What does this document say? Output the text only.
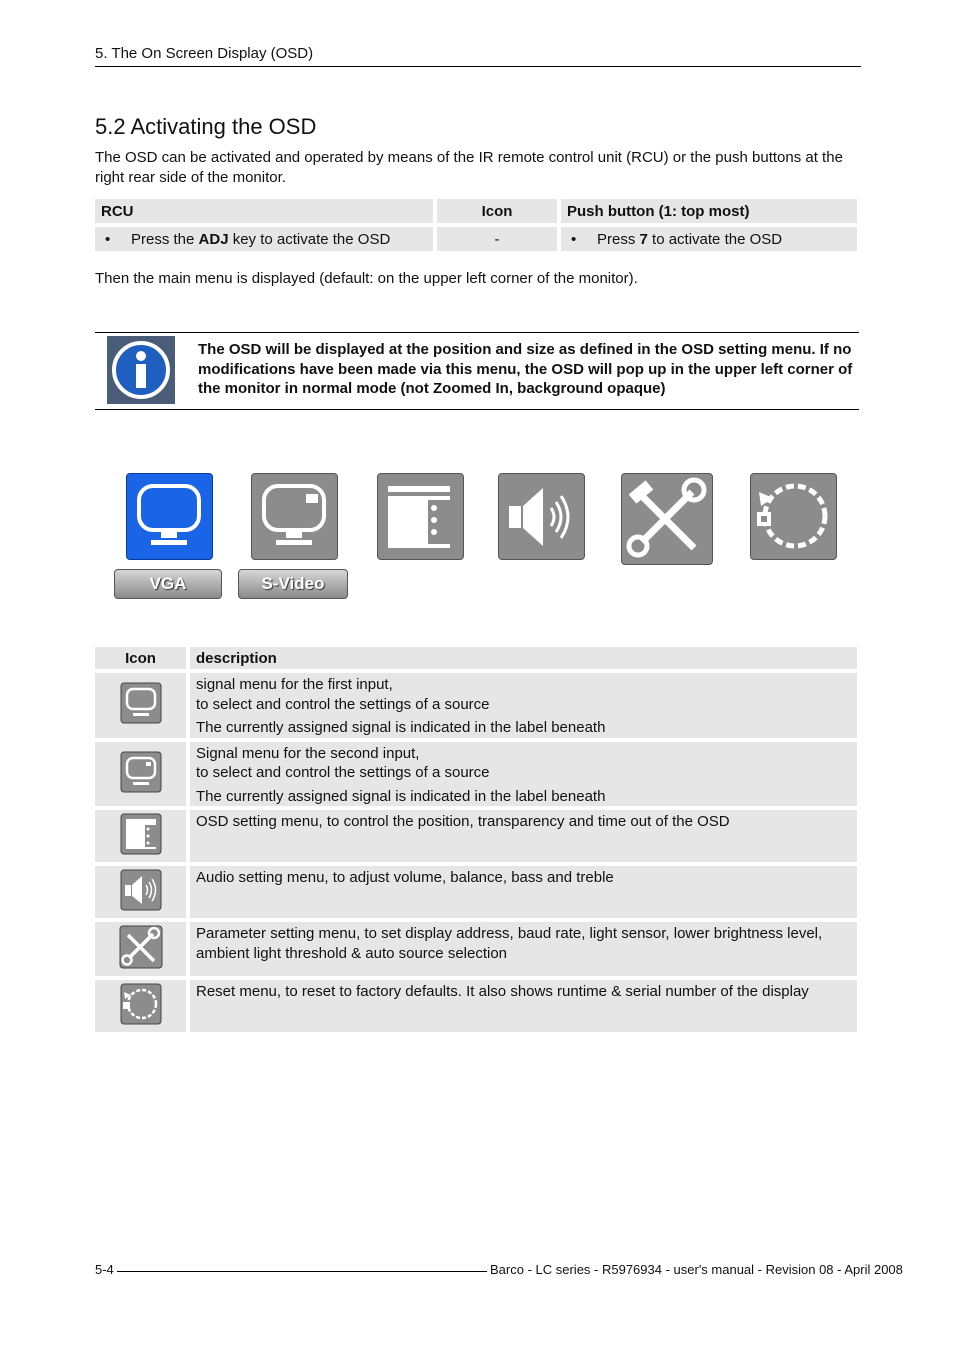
5. The On Screen Display (OSD)
5.2 Activating the OSD
The OSD can be activated and operated by means of the IR remote control unit (RCU) or the push buttons at the right rear side of the monitor.
RCU	Icon	Push button (1: top most)
• Press the ADJ key to activate the OSD	-	• Press 7 to activate the OSD
Then the main menu is displayed (default: on the upper left corner of the monitor).
The OSD will be displayed at the position and size as defined in the OSD setting menu. If no modifications have been made via this menu, the OSD will pop up in the upper left corner of the monitor in normal mode (not Zoomed In, background opaque)
VGA	S-Video
Icon	description
	signal menu for the first input,
to select and control the settings of a source
The currently assigned signal is indicated in the label beneath

	Signal menu for the second input,
to select and control the settings of a source
The currently assigned signal is indicated in the label beneath

	OSD setting menu, to control the position, transparency and time out of the OSD
	Audio setting menu, to adjust volume, balance, bass and treble
	Parameter setting menu, to set display address, baud rate, light sensor, lower brightness level, ambient light threshold & auto source selection
	Reset menu, to reset to factory defaults. It also shows runtime & serial number of the display
5-4	Barco - LC series - R5976934 - user's manual - Revision 08 - April 2008
